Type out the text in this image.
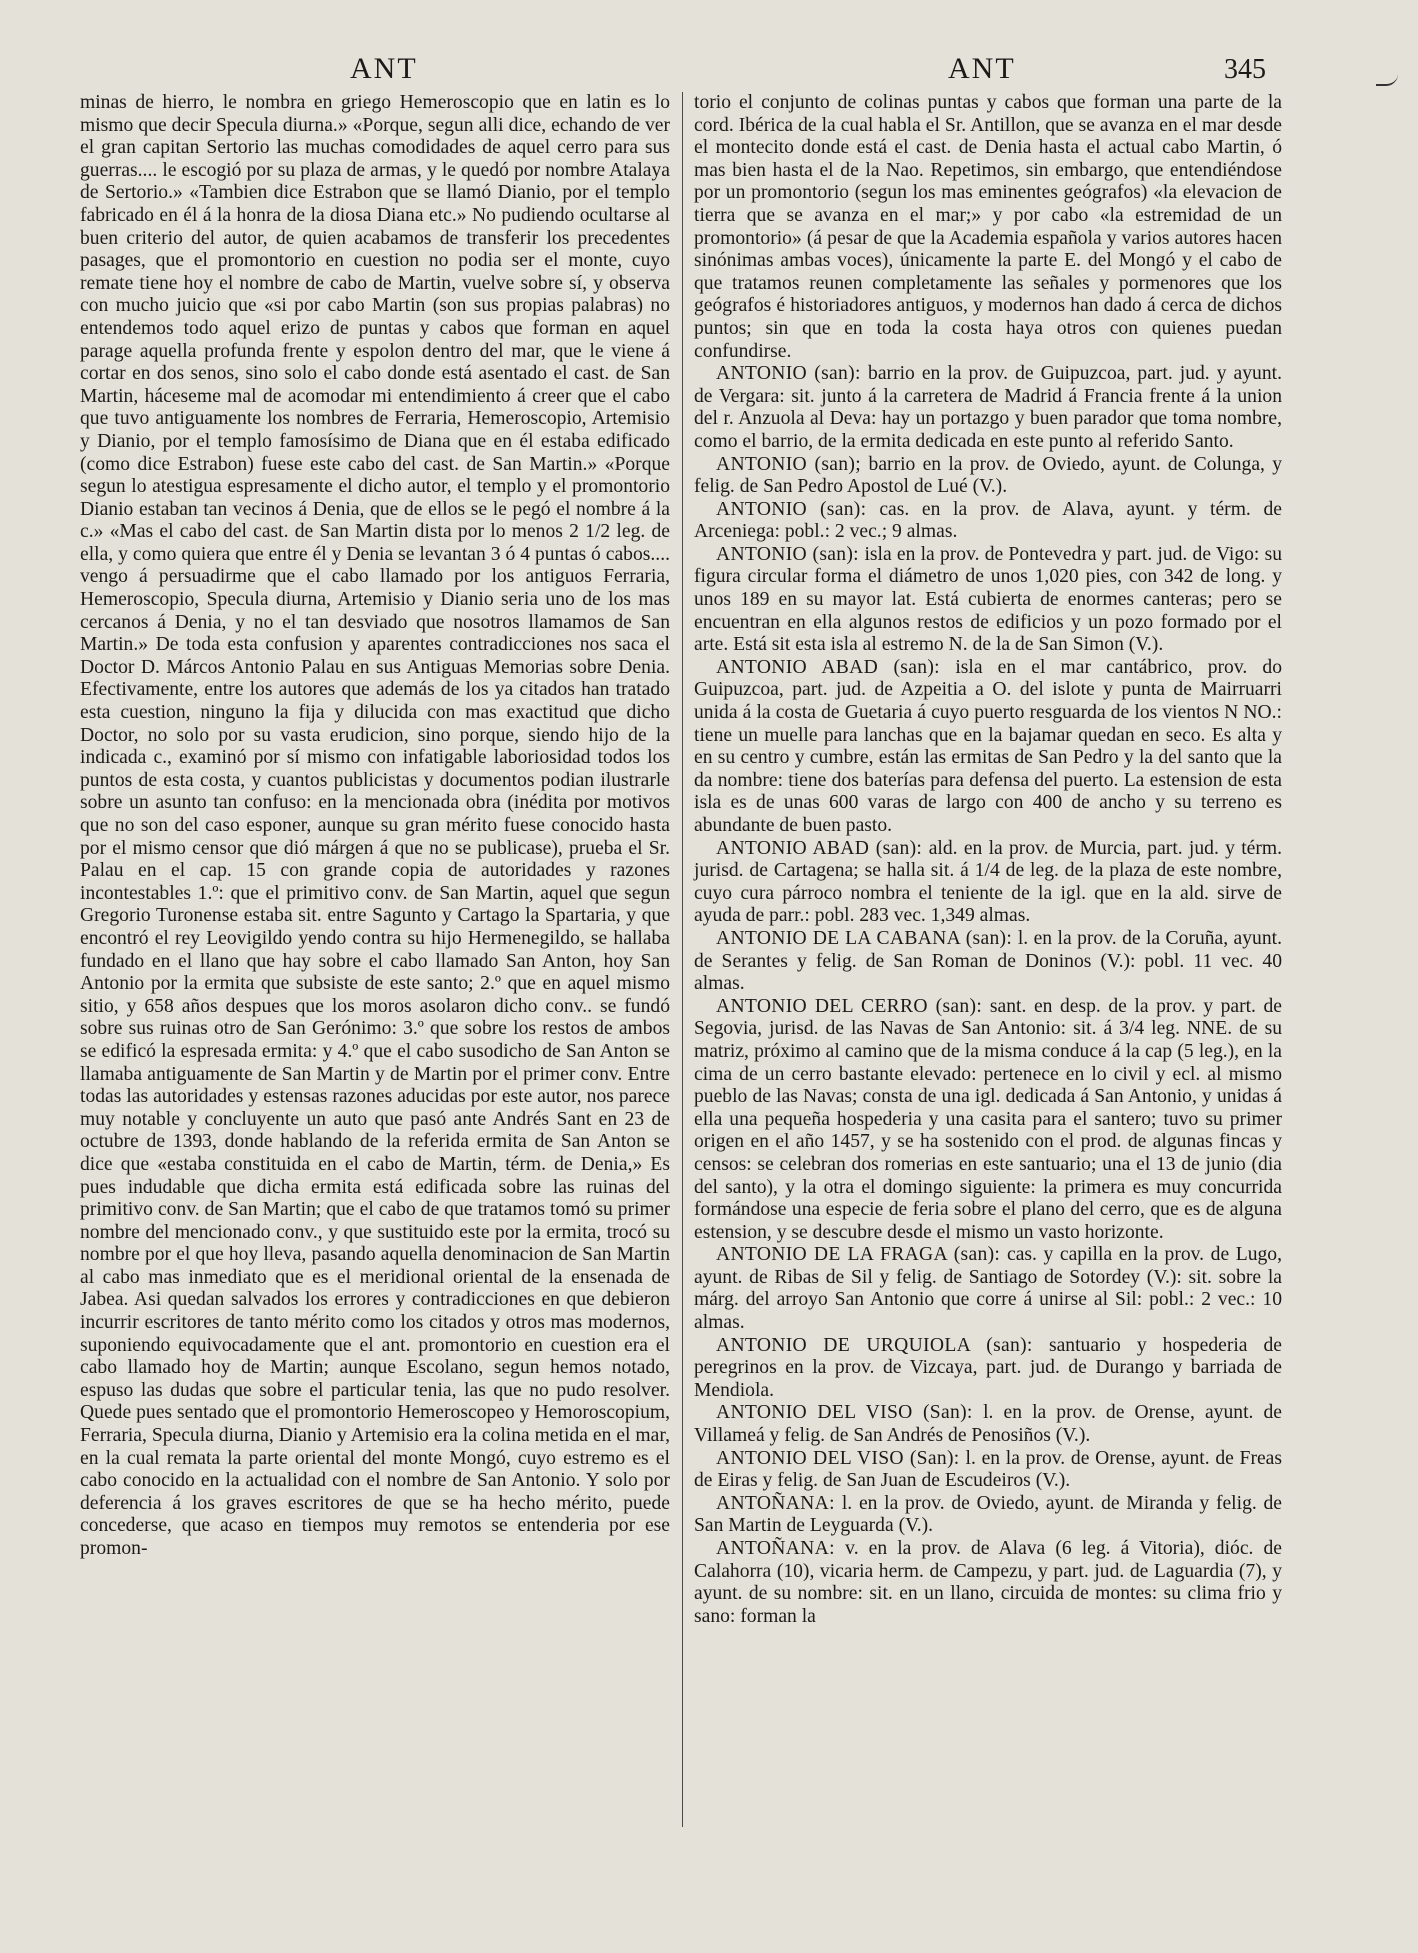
ANT	ANT	345

minas de hierro, le nombra en griego Hemeroscopio que en latin es lo mismo que decir Specula diurna.» «Porque, segun alli dice, echando de ver el gran capitan Sertorio las muchas comodidades de aquel cerro para sus guerras.... le escogió por su plaza de armas, y le quedó por nombre Atalaya de Sertorio.» «Tambien dice Estrabon que se llamó Dianio, por el templo fabricado en él á la honra de la diosa Diana etc.» No pudiendo ocultarse al buen criterio del autor, de quien acabamos de transferir los precedentes pasages, que el promontorio en cuestion no podia ser el monte, cuyo remate tiene hoy el nombre de cabo de Martin, vuelve sobre sí, y observa con mucho juicio que «si por cabo Martin (son sus propias palabras) no entendemos todo aquel erizo de puntas y cabos que forman en aquel parage aquella profunda frente y espolon dentro del mar, que le viene á cortar en dos senos, sino solo el cabo donde está asentado el cast. de San Martin, háceseme mal de acomodar mi entendimiento á creer que el cabo que tuvo antiguamente los nombres de Ferraria, Hemeroscopio, Artemisio y Dianio, por el templo famosísimo de Diana que en él estaba edificado (como dice Estrabon) fuese este cabo del cast. de San Martin.» «Porque segun lo atestigua espresamente el dicho autor, el templo y el promontorio Dianio estaban tan vecinos á Denia, que de ellos se le pegó el nombre á la c.» «Mas el cabo del cast. de San Martin dista por lo menos 2 1/2 leg. de ella, y como quiera que entre él y Denia se levantan 3 ó 4 puntas ó cabos.... vengo á persuadirme que el cabo llamado por los antiguos Ferraria, Hemeroscopio, Specula diurna, Artemisio y Dianio seria uno de los mas cercanos á Denia, y no el tan desviado que nosotros llamamos de San Martin.» De toda esta confusion y aparentes contradicciones nos saca el Doctor D. Márcos Antonio Palau en sus Antiguas Memorias sobre Denia. Efectivamente, entre los autores que además de los ya citados han tratado esta cuestion, ninguno la fija y dilucida con mas exactitud que dicho Doctor, no solo por su vasta erudicion, sino porque, siendo hijo de la indicada c., examinó por sí mismo con infatigable laboriosidad todos los puntos de esta costa, y cuantos publicistas y documentos podian ilustrarle sobre un asunto tan confuso: en la mencionada obra (inédita por motivos que no son del caso esponer, aunque su gran mérito fuese conocido hasta por el mismo censor que dió márgen á que no se publicase), prueba el Sr. Palau en el cap. 15 con grande copia de autoridades y razones incontestables 1.º: que el primitivo conv. de San Martin, aquel que segun Gregorio Turonense estaba sit. entre Sagunto y Cartago la Spartaria, y que encontró el rey Leovigildo yendo contra su hijo Hermenegildo, se hallaba fundado en el llano que hay sobre el cabo llamado San Anton, hoy San Antonio por la ermita que subsiste de este santo; 2.º que en aquel mismo sitio, y 658 años despues que los moros asolaron dicho conv.. se fundó sobre sus ruinas otro de San Gerónimo: 3.º que sobre los restos de ambos se edificó la espresada ermita: y 4.º que el cabo susodicho de San Anton se llamaba antiguamente de San Martin y de Martin por el primer conv. Entre todas las autoridades y estensas razones aducidas por este autor, nos parece muy notable y concluyente un auto que pasó ante Andrés Sant en 23 de octubre de 1393, donde hablando de la referida ermita de San Anton se dice que «estaba constituida en el cabo de Martin, térm. de Denia,» Es pues indudable que dicha ermita está edificada sobre las ruinas del primitivo conv. de San Martin; que el cabo de que tratamos tomó su primer nombre del mencionado conv., y que sustituido este por la ermita, trocó su nombre por el que hoy lleva, pasando aquella denominacion de San Martin al cabo mas inmediato que es el meridional oriental de la ensenada de Jabea. Asi quedan salvados los errores y contradicciones en que debieron incurrir escritores de tanto mérito como los citados y otros mas modernos, suponiendo equivocadamente que el ant. promontorio en cuestion era el cabo llamado hoy de Martin; aunque Escolano, segun hemos notado, espuso las dudas que sobre el particular tenia, las que no pudo resolver. Quede pues sentado que el promontorio Hemeroscopeo y Hemoroscopium, Ferraria, Specula diurna, Dianio y Artemisio era la colina metida en el mar, en la cual remata la parte oriental del monte Mongó, cuyo estremo es el cabo conocido en la actualidad con el nombre de San Antonio. Y solo por deferencia á los graves escritores de que se ha hecho mérito, puede concederse, que acaso en tiempos muy remotos se entenderia por ese promon-

torio el conjunto de colinas puntas y cabos que forman una parte de la cord. Ibérica de la cual habla el Sr. Antillon, que se avanza en el mar desde el montecito donde está el cast. de Denia hasta el actual cabo Martin, ó mas bien hasta el de la Nao. Repetimos, sin embargo, que entendiéndose por un promontorio (segun los mas eminentes geógrafos) «la elevacion de tierra que se avanza en el mar;» y por cabo «la estremidad de un promontorio» (á pesar de que la Academia española y varios autores hacen sinónimas ambas voces), únicamente la parte E. del Mongó y el cabo de que tratamos reunen completamente las señales y pormenores que los geógrafos é historiadores antiguos, y modernos han dado á cerca de dichos puntos; sin que en toda la costa haya otros con quienes puedan confundirse.

ANTONIO (san): barrio en la prov. de Guipuzcoa, part. jud. y ayunt. de Vergara: sit. junto á la carretera de Madrid á Francia frente á la union del r. Anzuola al Deva: hay un portazgo y buen parador que toma nombre, como el barrio, de la ermita dedicada en este punto al referido Santo.

ANTONIO (san); barrio en la prov. de Oviedo, ayunt. de Colunga, y felig. de San Pedro Apostol de Lué (V.).

ANTONIO (san): cas. en la prov. de Alava, ayunt. y térm. de Arceniega: pobl.: 2 vec.; 9 almas.

ANTONIO (san): isla en la prov. de Pontevedra y part. jud. de Vigo: su figura circular forma el diámetro de unos 1,020 pies, con 342 de long. y unos 189 en su mayor lat. Está cubierta de enormes canteras; pero se encuentran en ella algunos restos de edificios y un pozo formado por el arte. Está sit esta isla al estremo N. de la de San Simon (V.).

ANTONIO ABAD (san): isla en el mar cantábrico, prov. do Guipuzcoa, part. jud. de Azpeitia a O. del islote y punta de Mairruarri unida á la costa de Guetaria á cuyo puerto resguarda de los vientos N NO.: tiene un muelle para lanchas que en la bajamar quedan en seco. Es alta y en su centro y cumbre, están las ermitas de San Pedro y la del santo que la da nombre: tiene dos baterías para defensa del puerto. La estension de esta isla es de unas 600 varas de largo con 400 de ancho y su terreno es abundante de buen pasto.

ANTONIO ABAD (san): ald. en la prov. de Murcia, part. jud. y térm. jurisd. de Cartagena; se halla sit. á 1/4 de leg. de la plaza de este nombre, cuyo cura párroco nombra el teniente de la igl. que en la ald. sirve de ayuda de parr.: pobl. 283 vec. 1,349 almas.

ANTONIO DE LA CABANA (san): l. en la prov. de la Coruña, ayunt. de Serantes y felig. de San Roman de Doninos (V.): pobl. 11 vec. 40 almas.

ANTONIO DEL CERRO (san): sant. en desp. de la prov. y part. de Segovia, jurisd. de las Navas de San Antonio: sit. á 3/4 leg. NNE. de su matriz, próximo al camino que de la misma conduce á la cap (5 leg.), en la cima de un cerro bastante elevado: pertenece en lo civil y ecl. al mismo pueblo de las Navas; consta de una igl. dedicada á San Antonio, y unidas á ella una pequeña hospederia y una casita para el santero; tuvo su primer origen en el año 1457, y se ha sostenido con el prod. de algunas fincas y censos: se celebran dos romerias en este santuario; una el 13 de junio (dia del santo), y la otra el domingo siguiente: la primera es muy concurrida formándose una especie de feria sobre el plano del cerro, que es de alguna estension, y se descubre desde el mismo un vasto horizonte.

ANTONIO DE LA FRAGA (san): cas. y capilla en la prov. de Lugo, ayunt. de Ribas de Sil y felig. de Santiago de Sotordey (V.): sit. sobre la márg. del arroyo San Antonio que corre á unirse al Sil: pobl.: 2 vec.: 10 almas.

ANTONIO DE URQUIOLA (san): santuario y hospederia de peregrinos en la prov. de Vizcaya, part. jud. de Durango y barriada de Mendiola.

ANTONIO DEL VISO (San): l. en la prov. de Orense, ayunt. de Villameá y felig. de San Andrés de Penosiños (V.).

ANTONIO DEL VISO (San): l. en la prov. de Orense, ayunt. de Freas de Eiras y felig. de San Juan de Escudeiros (V.).

ANTOÑANA: l. en la prov. de Oviedo, ayunt. de Miranda y felig. de San Martin de Leyguarda (V.).

ANTOÑANA: v. en la prov. de Alava (6 leg. á Vitoria), dióc. de Calahorra (10), vicaria herm. de Campezu, y part. jud. de Laguardia (7), y ayunt. de su nombre: sit. en un llano, circuida de montes: su clima frio y sano: forman la
